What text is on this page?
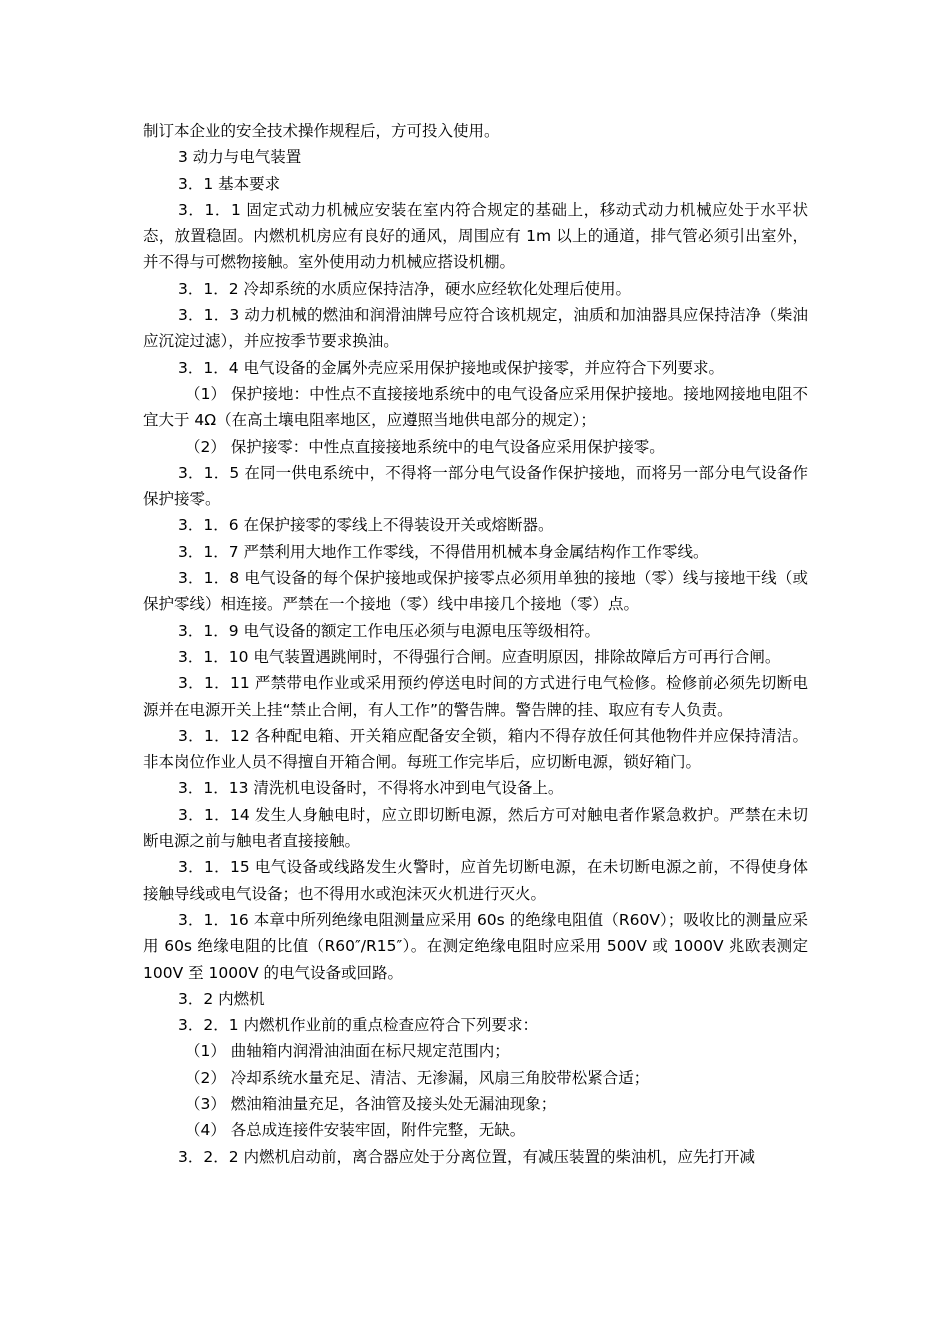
制订本企业的安全技术操作规程后，方可投入使用。

3 动力与电气装置

3．1 基本要求

3．1．1 固定式动力机械应安装在室内符合规定的基础上，移动式动力机械应处于水平状态，放置稳固。内燃机机房应有良好的通风，周围应有 1m 以上的通道，排气管必须引出室外，并不得与可燃物接触。室外使用动力机械应搭设机棚。

3．1．2 冷却系统的水质应保持洁净，硬水应经软化处理后使用。

3．1．3 动力机械的燃油和润滑油牌号应符合该机规定，油质和加油器具应保持洁净（柴油应沉淀过滤），并应按季节要求换油。

3．1．4 电气设备的金属外壳应采用保护接地或保护接零，并应符合下列要求。

（1） 保护接地：中性点不直接接地系统中的电气设备应采用保护接地。接地网接地电阻不宜大于 4Ω（在高土壤电阻率地区，应遵照当地供电部分的规定）；

（2） 保护接零：中性点直接接地系统中的电气设备应采用保护接零。

3．1．5 在同一供电系统中，不得将一部分电气设备作保护接地，而将另一部分电气设备作保护接零。

3．1．6 在保护接零的零线上不得装设开关或熔断器。

3．1．7 严禁利用大地作工作零线，不得借用机械本身金属结构作工作零线。

3．1．8 电气设备的每个保护接地或保护接零点必须用单独的接地（零）线与接地干线（或保护零线）相连接。严禁在一个接地（零）线中串接几个接地（零）点。

3．1．9 电气设备的额定工作电压必须与电源电压等级相符。

3．1．10 电气装置遇跳闸时，不得强行合闸。应查明原因，排除故障后方可再行合闸。

3．1．11 严禁带电作业或采用预约停送电时间的方式进行电气检修。检修前必须先切断电源并在电源开关上挂“禁止合闸，有人工作”的警告牌。警告牌的挂、取应有专人负责。

3．1．12 各种配电箱、开关箱应配备安全锁，箱内不得存放任何其他物件并应保持清洁。非本岗位作业人员不得擅自开箱合闸。每班工作完毕后，应切断电源，锁好箱门。

3．1．13 清洗机电设备时，不得将水冲到电气设备上。

3．1．14 发生人身触电时，应立即切断电源，然后方可对触电者作紧急救护。严禁在未切断电源之前与触电者直接接触。

3．1．15 电气设备或线路发生火警时，应首先切断电源，在未切断电源之前，不得使身体接触导线或电气设备；也不得用水或泡沫灭火机进行灭火。

3．1．16 本章中所列绝缘电阻测量应采用 60s 的绝缘电阻值（R60V）；吸收比的测量应采用 60s 绝缘电阻的比值（R60″/R15″）。在测定绝缘电阻时应采用 500V 或 1000V 兆欧表测定 100V 至 1000V 的电气设备或回路。

3．2 内燃机

3．2．1 内燃机作业前的重点检查应符合下列要求：

（1） 曲轴箱内润滑油油面在标尺规定范围内；

（2） 冷却系统水量充足、清洁、无渗漏，风扇三角胶带松紧合适；

（3） 燃油箱油量充足，各油管及接头处无漏油现象；

（4） 各总成连接件安装牢固，附件完整，无缺。

3．2．2 内燃机启动前，离合器应处于分离位置，有减压装置的柴油机，应先打开减
